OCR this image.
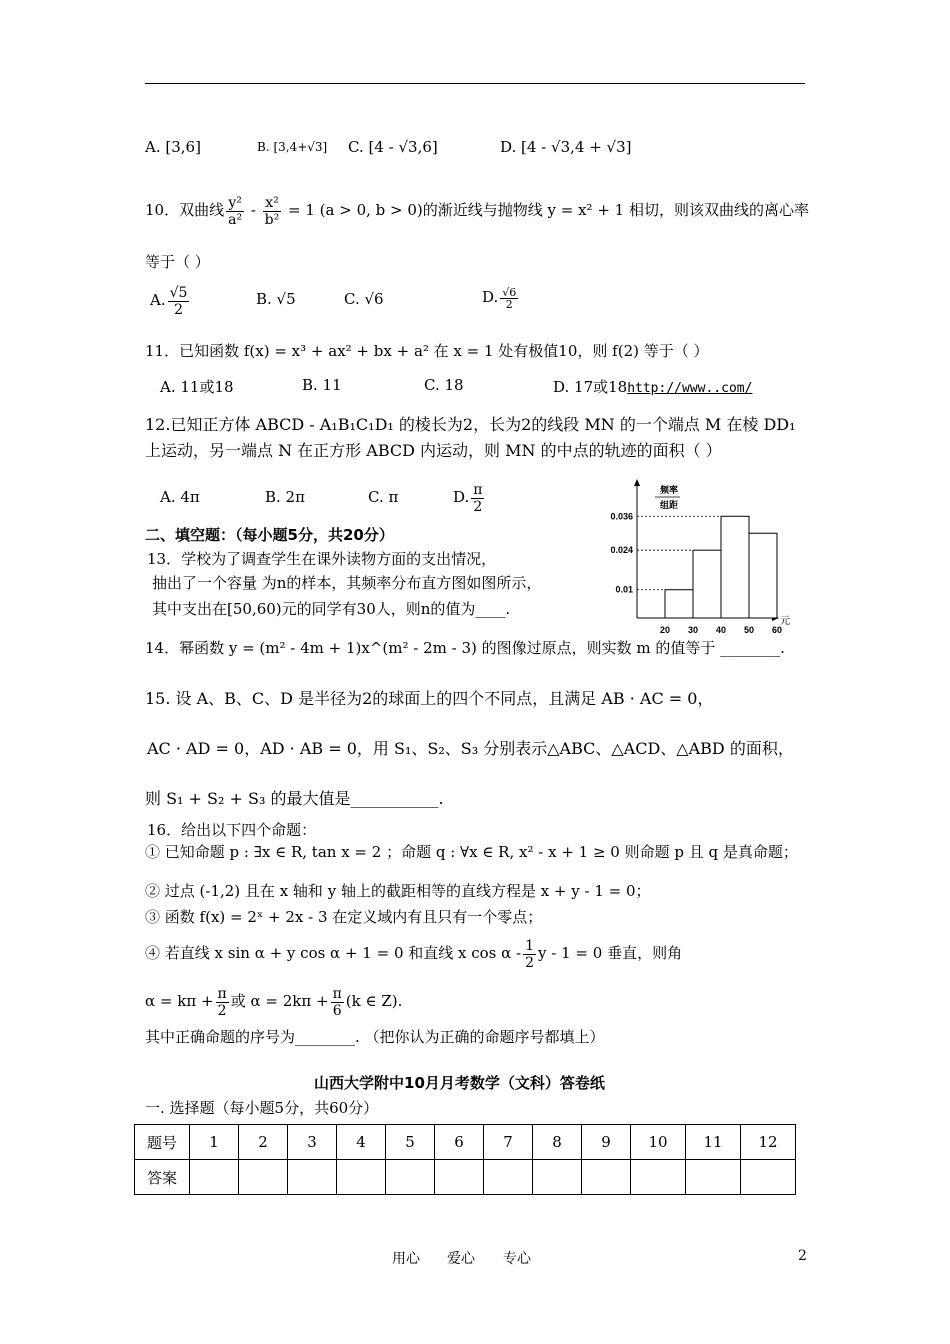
A. [3,6]	B. [3,4+√3] C. [4 - √3,6]	D. [4 - √3,4 + √3]
10．双曲线 $\frac{\text{y²}}{\text{a²}} - \frac{\text{x²}}{\text{b²}} = 1$ (a > 0, b > 0)的渐近线与抛物线 y = x² + 1 相切，则该双曲线的离心率
等于（ ）
A. $\frac{√5}{2}$	B. √5	C. √6	D. $\frac{√6}{2}$
11．已知函数 f(x) = x³ + ax² + bx + a² 在 x = 1 处有极值10，则 f(2) 等于（ ）
A. 11或18	B. 11	C. 18	D. 17或18http://www..com/
12.已知正方体 ABCD - A₁B₁C₁D₁ 的棱长为2，长为2的线段 MN 的一个端点 M 在棱 DD₁
上运动，另一端点 N 在正方形 ABCD 内运动，则 MN 的中点的轨迹的面积（ ）
A. 4π	B. 2π	C. π	D. $\frac{\pi}{2}$
二、填空题：（每小题5分，共20分）
13．学校为了调查学生在课外读物方面的支出情况，
抽出了一个容量 为n的样本，其频率分布直方图如图所示，
其中支出在[50,60)元的同学有30人，则n的值为____.
频率
组距
元
0.036
0.024
0.01
20 30 40 50 60
14．幂函数 y = (m² - 4m + 1)x^(m² - 2m - 3) 的图像过原点，则实数 m 的值等于 ________.
15. 设 A、B、C、D 是半径为2的球面上的四个不同点，且满足 AB · AC = 0，
AC · AD = 0，AD · AB = 0，用 S₁、S₂、S₃ 分别表示△ABC、△ACD、△ABD 的面积，
则 S₁ + S₂ + S₃ 的最大值是___________.
16．给出以下四个命题：
① 已知命题 p : ∃x ∈ R, tan x = 2 ；命题 q : ∀x ∈ R, x² - x + 1 ≥ 0 则命题 p 且 q 是真命题；
② 过点 (-1,2) 且在 x 轴和 y 轴上的截距相等的直线方程是 x + y - 1 = 0；
③ 函数 f(x) = 2ˣ + 2x - 3 在定义域内有且只有一个零点；
④ 若直线 x sin α + y cos α + 1 = 0 和直线 x cos α - $\frac{1}{2}$ y - 1 = 0 垂直，则角
$\alpha = k\pi + \frac{\pi}{2}$ 或 $\alpha = 2k\pi + \frac{\pi}{6} (k$ ∈ Z).
其中正确命题的序号为________. （把你认为正确的命题序号都填上）
山西大学附中10月月考数学（文科）答卷纸
一. 选择题（每小题5分，共60分）
题号	1	2	3	4	5	6	7	8	9	10	11	12
答案												
用心 爱心 专心	2
